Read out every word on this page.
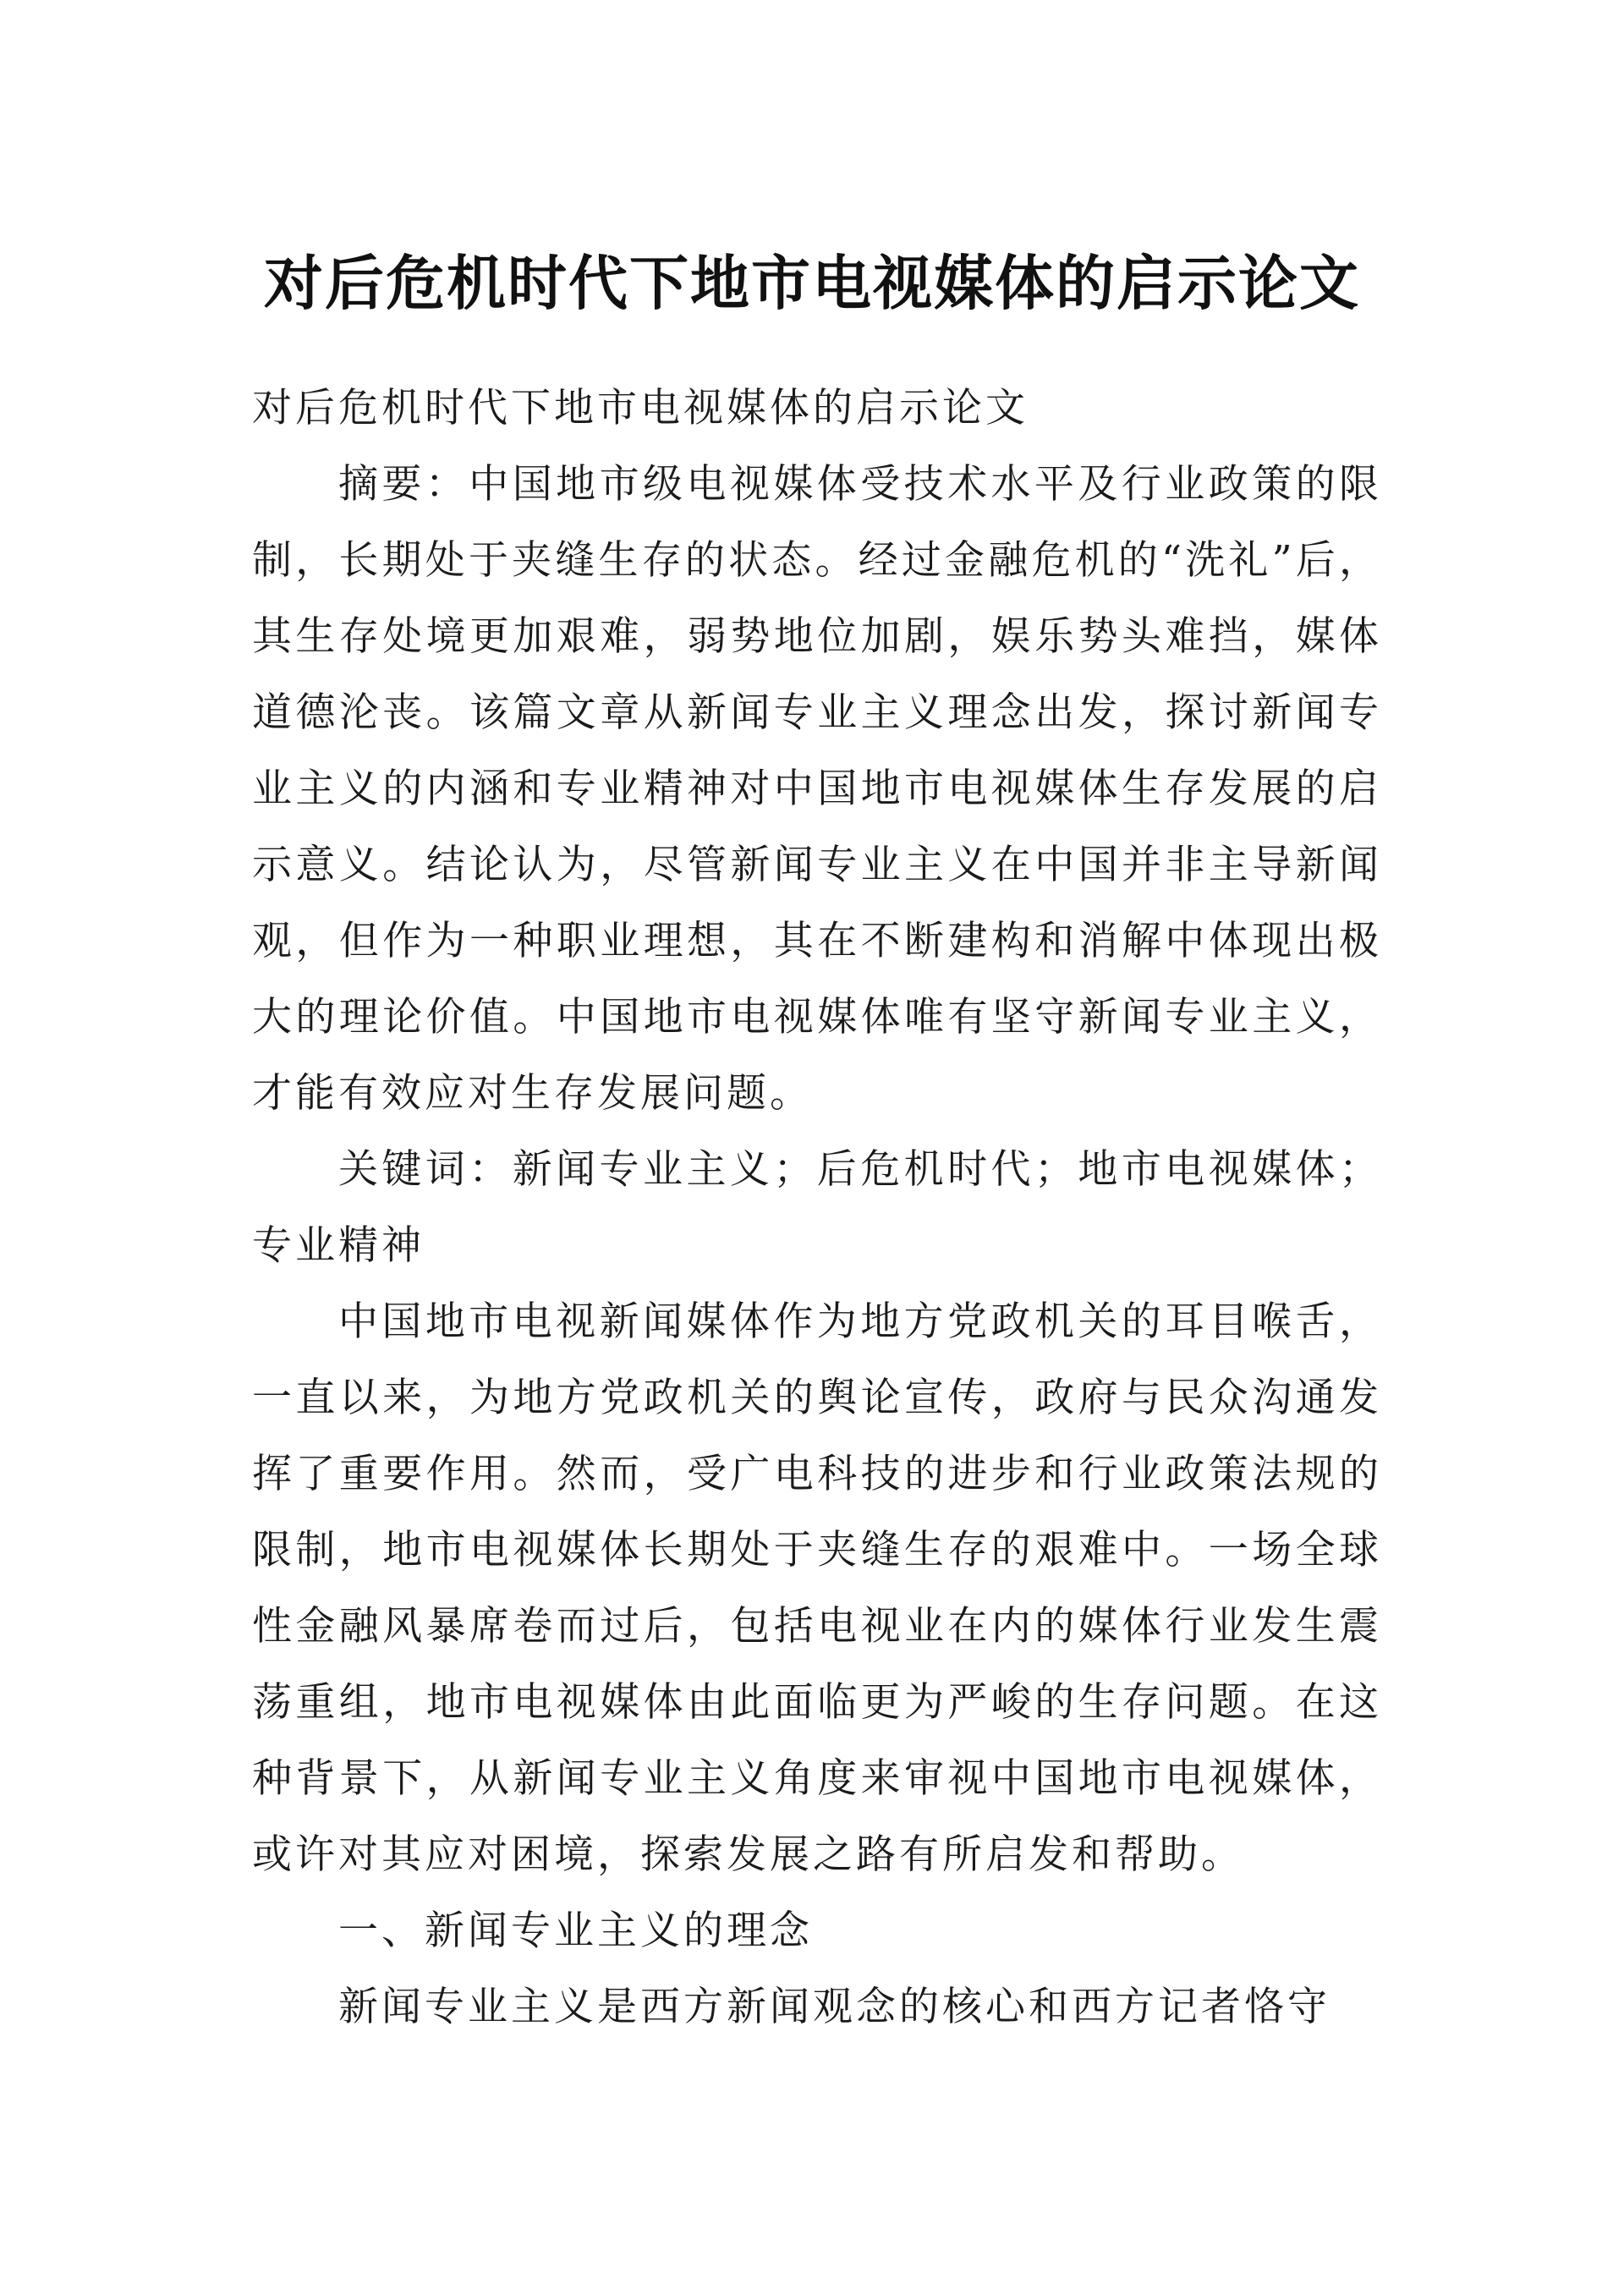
对后危机时代下地市电视媒体的启示论文

对后危机时代下地市电视媒体的启示论文

摘要：中国地市级电视媒体受技术水平及行业政策的限制，长期处于夹缝生存的状态。经过金融危机的“洗礼”后，其生存处境更加艰难，弱势地位加剧，娱乐势头难挡，媒体道德沦丧。该篇文章从新闻专业主义理念出发，探讨新闻专业主义的内涵和专业精神对中国地市电视媒体生存发展的启示意义。结论认为，尽管新闻专业主义在中国并非主导新闻观，但作为一种职业理想，其在不断建构和消解中体现出极大的理论价值。中国地市电视媒体唯有坚守新闻专业主义，才能有效应对生存发展问题。

关键词：新闻专业主义；后危机时代；地市电视媒体；专业精神

中国地市电视新闻媒体作为地方党政机关的耳目喉舌，一直以来，为地方党政机关的舆论宣传，政府与民众沟通发挥了重要作用。然而，受广电科技的进步和行业政策法规的限制，地市电视媒体长期处于夹缝生存的艰难中。一场全球性金融风暴席卷而过后，包括电视业在内的媒体行业发生震荡重组，地市电视媒体由此面临更为严峻的生存问题。在这种背景下，从新闻专业主义角度来审视中国地市电视媒体，或许对其应对困境，探索发展之路有所启发和帮助。

一、新闻专业主义的理念

新闻专业主义是西方新闻观念的核心和西方记者恪守
